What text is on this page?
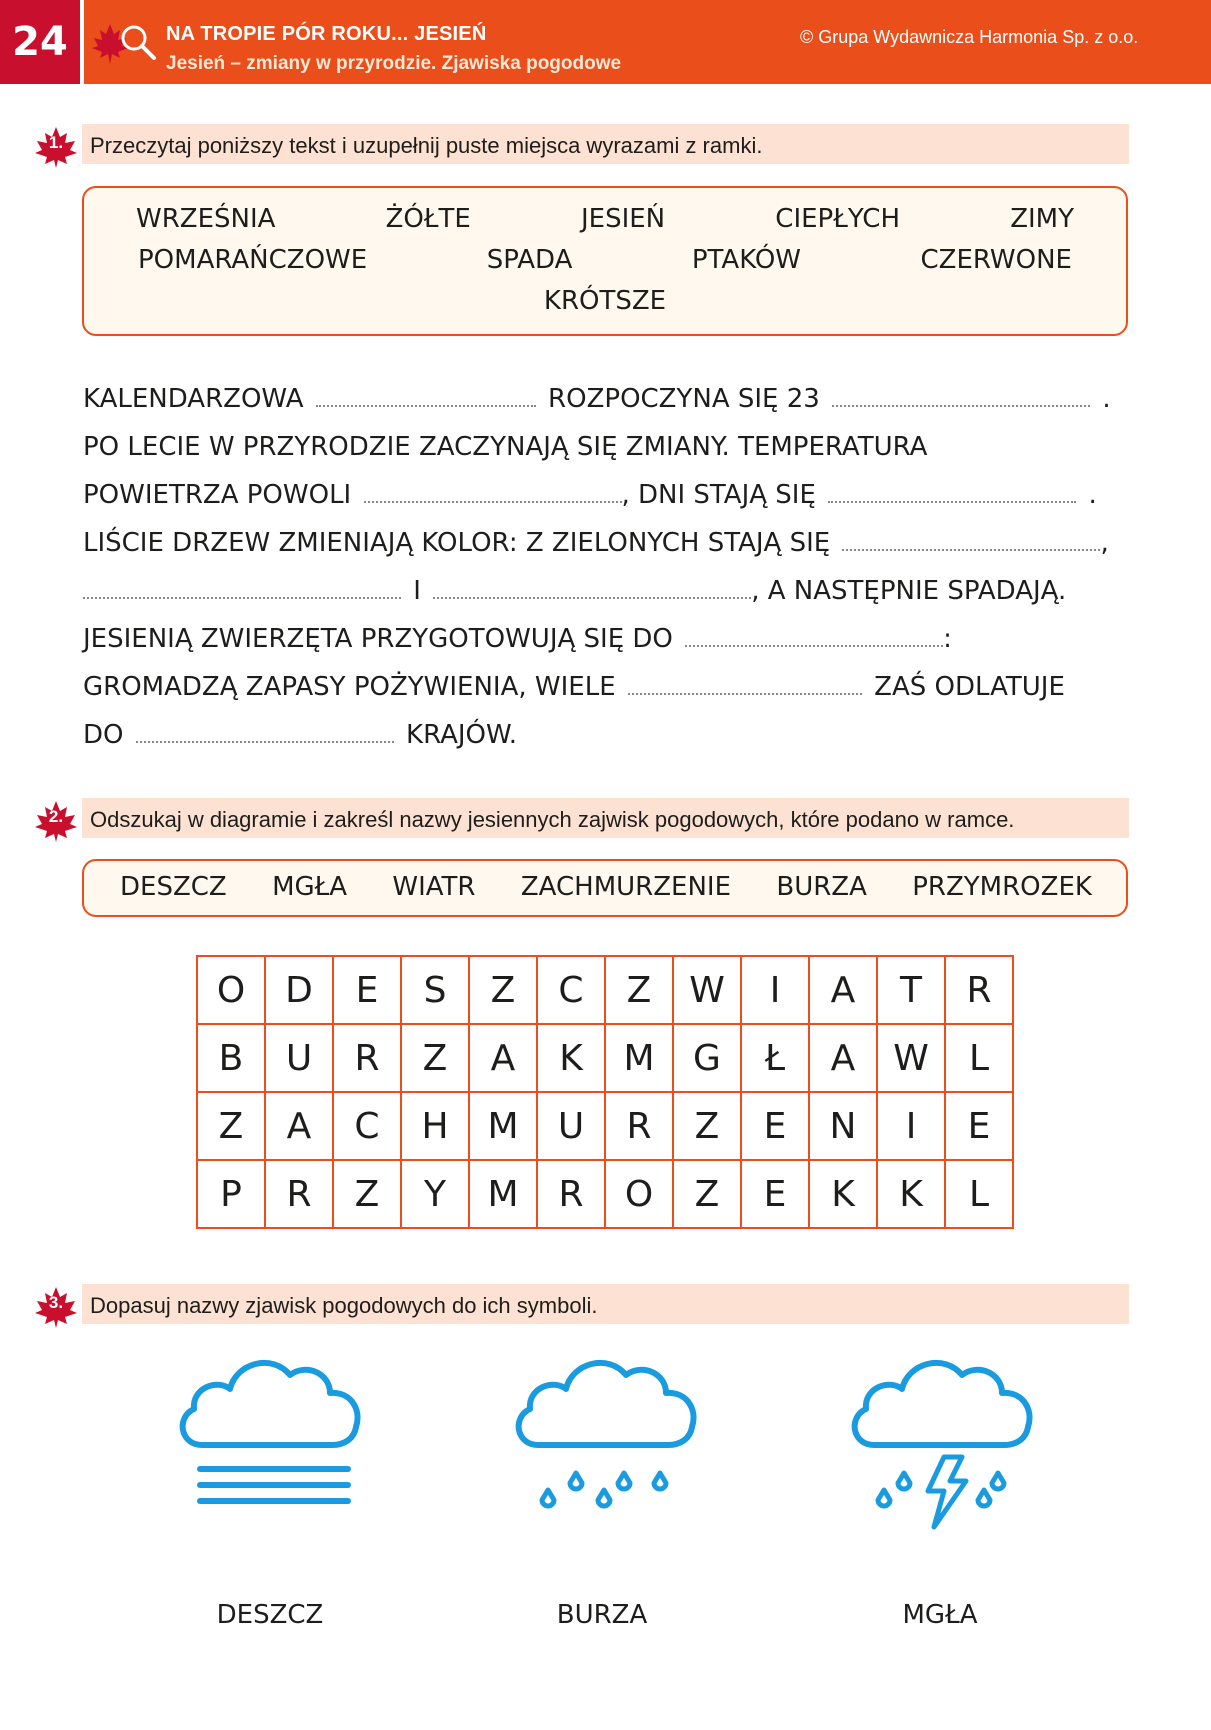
24	NA TROPIE PÓR ROKU... JESIEŃ
Jesień – zmiany w przyrodzie. Zjawiska pogodowe
© Grupa Wydawnicza Harmonia Sp. z o.o.
1.	Przeczytaj poniższy tekst i uzupełnij puste miejsca wyrazami z ramki.
WRZEŚNIA	ŻÓŁTE	JESIEŃ	CIEPŁYCH	ZIMY
POMARAŃCZOWE	SPADA	PTAKÓW	CZERWONE
KRÓTSZE
KALENDARZOWA	ROZPOCZYNA SIĘ 23	.
PO LECIE W PRZYRODZIE ZACZYNAJĄ SIĘ ZMIANY. TEMPERATURA
POWIETRZA POWOLI	, DNI STAJĄ SIĘ	.
LIŚCIE DRZEW ZMIENIAJĄ KOLOR: Z ZIELONYCH STAJĄ SIĘ	,
I	, A NASTĘPNIE SPADAJĄ.
JESIENIĄ ZWIERZĘTA PRZYGOTOWUJĄ SIĘ DO	:
GROMADZĄ ZAPASY POŻYWIENIA, WIELE	ZAŚ ODLATUJE
DO	KRAJÓW.
2.	Odszukaj w diagramie i zakreśl nazwy jesiennych zajwisk pogodowych, które podano w ramce.
DESZCZ MGŁA WIATR ZACHMURZENIE BURZA PRZYMROZEK
O	D	E	S	Z	C	Z	W	I	A	T	R
B	U	R	Z	A	K	M	G	Ł	A	W	L
Z	A	C	H	M	U	R	Z	E	N	I	E
P	R	Z	Y	M	R	O	Z	E	K	K	L
3.	Dopasuj nazwy zjawisk pogodowych do ich symboli.
DESZCZ	BURZA	MGŁA
